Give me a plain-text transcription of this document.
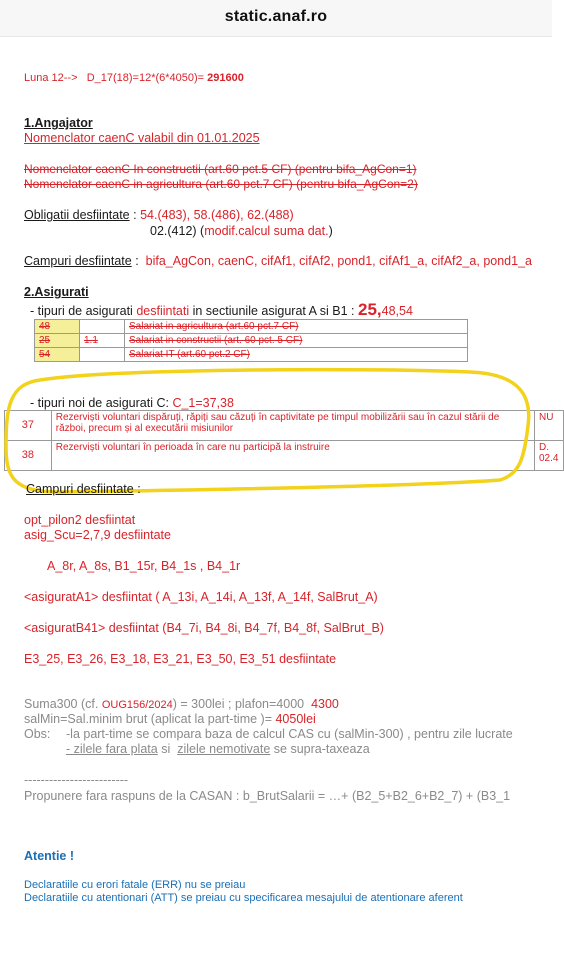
static.anaf.ro
Luna 12--> D_17(18)=12*(6*4050)= 291600
1.Angajator
Nomenclator caenC valabil din 01.01.2025
Nomenclator caenC In constructii (art.60 pct.5 CF) (pentru bifa_AgCon=1)
Nomenclator caenC in agricultura (art.60 pct.7 CF) (pentru bifa_AgCon=2)
Obligatii desfiintate : 54.(483), 58.(486), 62.(488)
02.(412) (modif.calcul suma dat.)
Campuri desfiintate : bifa_AgCon, caenC, cifAf1, cifAf2, pond1, cifAf1_a, cifAf2_a, pond1_a
2.Asigurati
- tipuri de asigurati desfiintati in sectiunile asigurat A si B1 : 25,48,54
48		Salariat in agricultura (art.60 pct.7 CF)
25	1.1	Salariat in constructii (art. 60 pct. 5 CF)
54		Salariat IT (art.60 pct.2 CF)
- tipuri noi de asigurati C: C_1=37,38
37	Rezerviști voluntari dispăruți, răpiți sau căzuți în captivitate pe timpul mobilizării sau în cazul stării de război, precum și al executării misiunilor	NU
38	Rezerviști voluntari în perioada în care nu participă la instruire	D.
02.4
Campuri desfiintate :
opt_pilon2 desfiintat
asig_Scu=2,7,9 desfiintate
A_8r, A_8s, B1_15r, B4_1s , B4_1r
<asiguratA1> desfiintat ( A_13i, A_14i, A_13f, A_14f, SalBrut_A)
<asiguratB41> desfiintat (B4_7i, B4_8i, B4_7f, B4_8f, SalBrut_B)
E3_25, E3_26, E3_18, E3_21, E3_50, E3_51 desfiintate
Suma300 (cf. OUG156/2024) = 300lei ; plafon=4000 4300
salMin=Sal.minim brut (aplicat la part-time )= 4050lei
Obs: -la part-time se compara baza de calcul CAS cu (salMin-300) , pentru zile lucrate
- zilele fara plata si zilele nemotivate se supra-taxeaza
-------------------------
Propunere fara raspuns de la CASAN : b_BrutSalarii = …+ (B2_5+B2_6+B2_7) + (B3_1
Atentie !
Declaratiile cu erori fatale (ERR) nu se preiau
Declaratiile cu atentionari (ATT) se preiau cu specificarea mesajului de atentionare aferent
